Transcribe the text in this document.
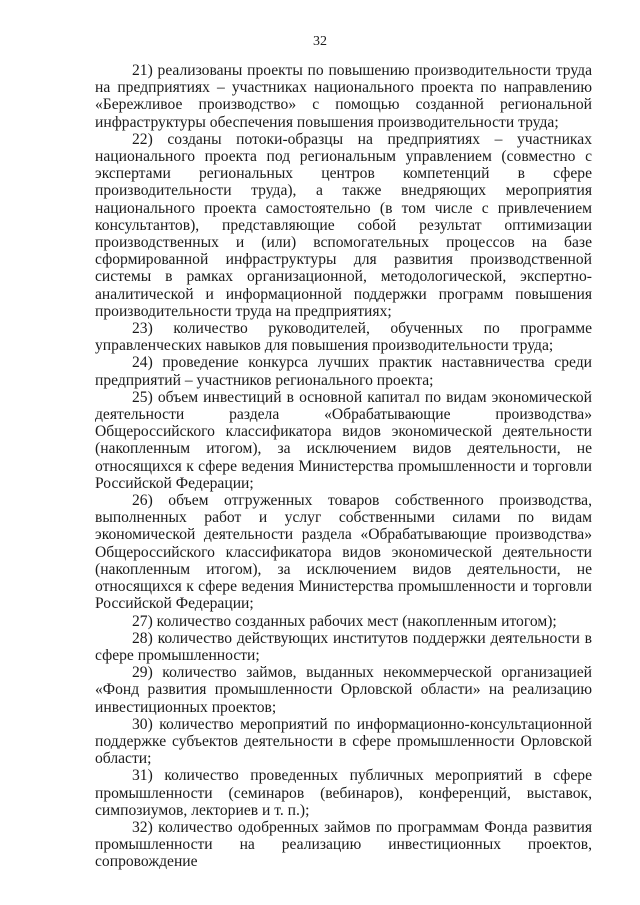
32

21) реализованы проекты по повышению производительности труда на предприятиях – участниках национального проекта по направлению «Бережливое производство» с помощью созданной региональной инфраструктуры обеспечения повышения производительности труда;

22) созданы потоки-образцы на предприятиях – участниках национального проекта под региональным управлением (совместно с экспертами региональных центров компетенций в сфере производительности труда), а также внедряющих мероприятия национального проекта самостоятельно (в том числе с привлечением консультантов), представляющие собой результат оптимизации производственных и (или) вспомогательных процессов на базе сформированной инфраструктуры для развития производственной системы в рамках организационной, методологической, экспертно-аналитической и информационной поддержки программ повышения производительности труда на предприятиях;

23) количество руководителей, обученных по программе управленческих навыков для повышения производительности труда;

24) проведение конкурса лучших практик наставничества среди предприятий – участников регионального проекта;

25) объем инвестиций в основной капитал по видам экономической деятельности раздела «Обрабатывающие производства» Общероссийского классификатора видов экономической деятельности (накопленным итогом), за исключением видов деятельности, не относящихся к сфере ведения Министерства промышленности и торговли Российской Федерации;

26) объем отгруженных товаров собственного производства, выполненных работ и услуг собственными силами по видам экономической деятельности раздела «Обрабатывающие производства» Общероссийского классификатора видов экономической деятельности (накопленным итогом), за исключением видов деятельности, не относящихся к сфере ведения Министерства промышленности и торговли Российской Федерации;

27) количество созданных рабочих мест (накопленным итогом);

28) количество действующих институтов поддержки деятельности в сфере промышленности;

29) количество займов, выданных некоммерческой организацией «Фонд развития промышленности Орловской области» на реализацию инвестиционных проектов;

30) количество мероприятий по информационно-консультационной поддержке субъектов деятельности в сфере промышленности Орловской области;

31) количество проведенных публичных мероприятий в сфере промышленности (семинаров (вебинаров), конференций, выставок, симпозиумов, лекториев и т. п.);

32) количество одобренных займов по программам Фонда развития промышленности на реализацию инвестиционных проектов, сопровождение
